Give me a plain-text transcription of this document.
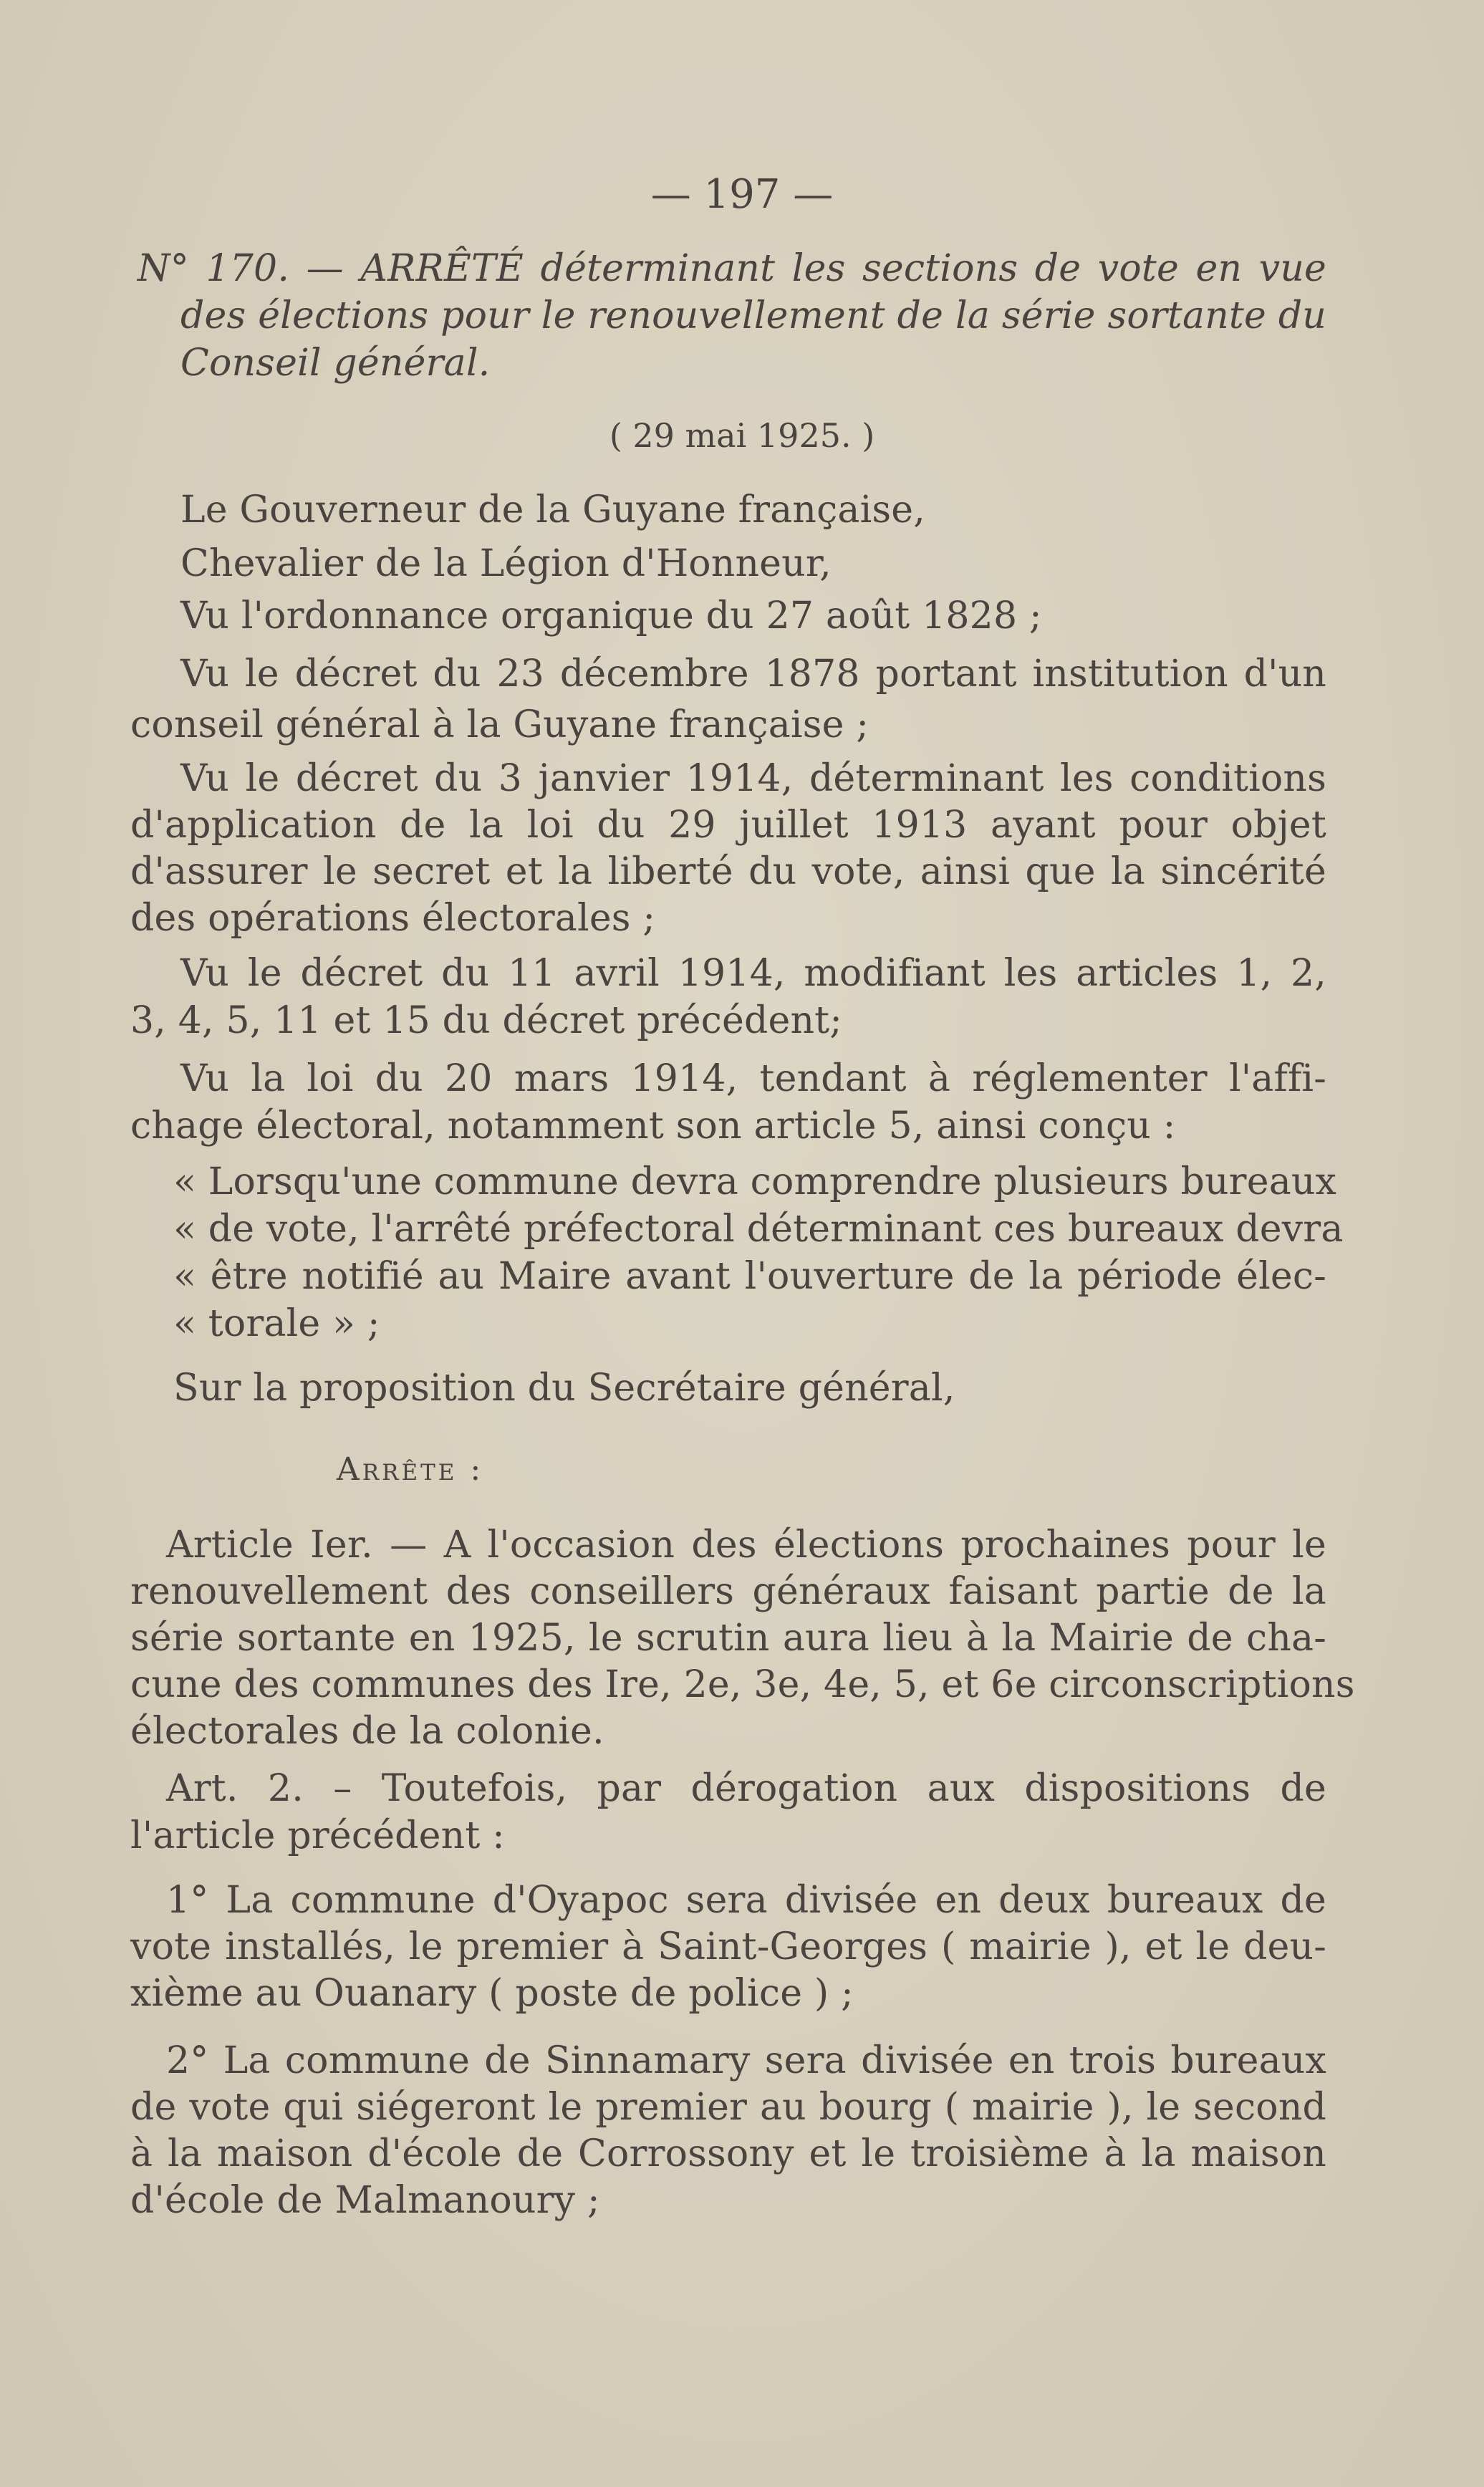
— 197 —
N° 170. — ARRÊTÉ déterminant les sections de vote en vue
des élections pour le renouvellement de la série sortante du
Conseil général.
( 29 mai 1925. )
Le Gouverneur de la Guyane française,
Chevalier de la Légion d'Honneur,
Vu l'ordonnance organique du 27 août 1828 ;
Vu le décret du 23 décembre 1878 portant institution d'un
conseil général à la Guyane française ;
Vu le décret du 3 janvier 1914, déterminant les conditions
d'application de la loi du 29 juillet 1913 ayant pour objet
d'assurer le secret et la liberté du vote, ainsi que la sincérité
des opérations électorales ;
Vu le décret du 11 avril 1914, modifiant les articles 1, 2,
3, 4, 5, 11 et 15 du décret précédent;
Vu la loi du 20 mars 1914, tendant à réglementer l'affi-
chage électoral, notamment son article 5, ainsi conçu :
« Lorsqu'une commune devra comprendre plusieurs bureaux
« de vote, l'arrêté préfectoral déterminant ces bureaux devra
« être notifié au Maire avant l'ouverture de la période élec-
« torale » ;
Sur la proposition du Secrétaire général,
Arrête :
Article Ier. — A l'occasion des élections prochaines pour le
renouvellement des conseillers généraux faisant partie de la
série sortante en 1925, le scrutin aura lieu à la Mairie de cha-
cune des communes des Ire, 2e, 3e, 4e, 5, et 6e circonscriptions
électorales de la colonie.
Art. 2. – Toutefois, par dérogation aux dispositions de
l'article précédent :
1° La commune d'Oyapoc sera divisée en deux bureaux de
vote installés, le premier à Saint-Georges ( mairie ), et le deu-
xième au Ouanary ( poste de police ) ;
2° La commune de Sinnamary sera divisée en trois bureaux
de vote qui siégeront le premier au bourg ( mairie ), le second
à la maison d'école de Corrossony et le troisième à la maison
d'école de Malmanoury ;
